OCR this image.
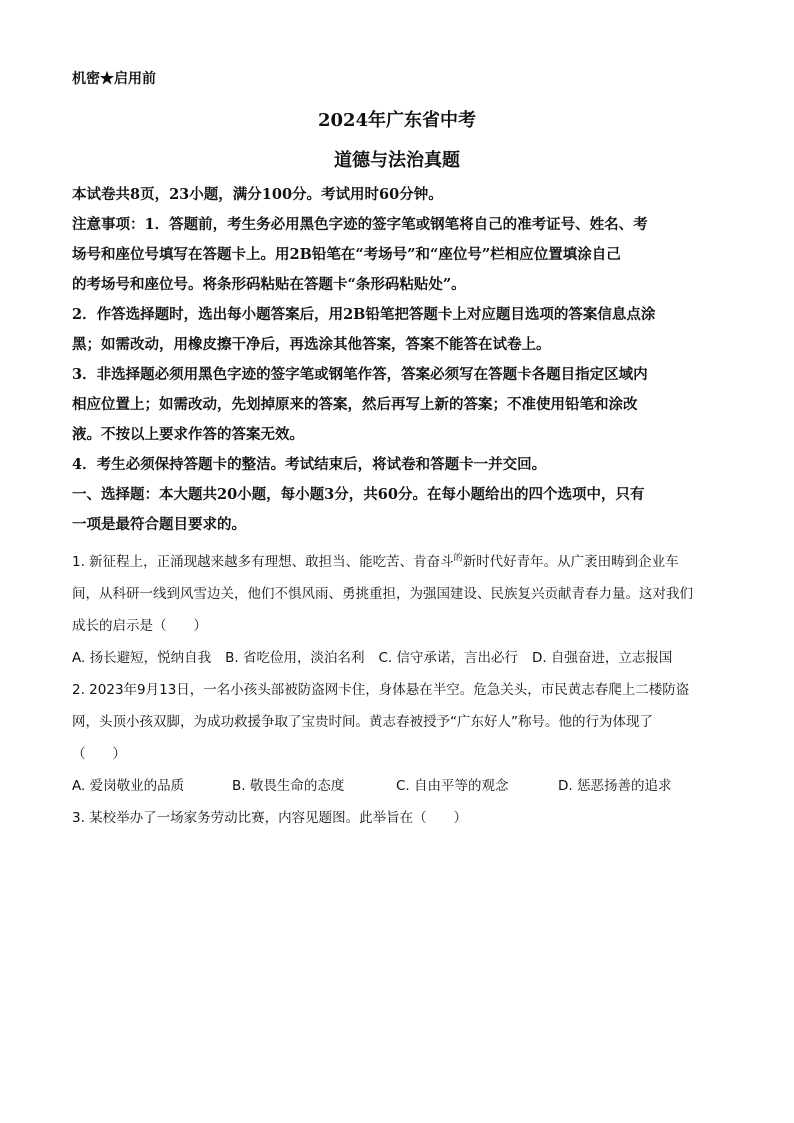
机密★启用前
2024年广东省中考
道德与法治真题

本试卷共8页，23小题，满分100分。考试用时60分钟。

注意事项：1．答题前，考生务必用黑色字迹的签字笔或钢笔将自己的准考证号、姓名、考

场号和座位号填写在答题卡上。用2B铅笔在“考场号”和“座位号”栏相应位置填涂自己

的考场号和座位号。将条形码粘贴在答题卡“条形码粘贴处”。

2．作答选择题时，选出每小题答案后，用2B铅笔把答题卡上对应题目选项的答案信息点涂

黑；如需改动，用橡皮擦干净后，再选涂其他答案，答案不能答在试卷上。

3．非选择题必须用黑色字迹的签字笔或钢笔作答，答案必须写在答题卡各题目指定区域内

相应位置上；如需改动，先划掉原来的答案，然后再写上新的答案；不准使用铅笔和涂改

液。不按以上要求作答的答案无效。

4．考生必须保持答题卡的整洁。考试结束后，将试卷和答题卡一并交回。

一、选择题：本大题共20小题，每小题3分，共60分。在每小题给出的四个选项中，只有

一项是最符合题目要求的。

1. 新征程上，正涌现越来越多有理想、敢担当、能吃苦、肯奋斗$^的$新时代好青年。从广袤田畴到企业车

间，从科研一线到风雪边关，他们不惧风雨、勇挑重担，为强国建设、民族复兴贡献青春力量。这对我们

成长的启示是（　　）

A. 扬长避短，悦纳自我 B. 省吃俭用，淡泊名利 C. 信守承诺，言出必行 D. 自强奋进，立志报国

2. 2023年9月13日，一名小孩头部被防盗网卡住，身体悬在半空。危急关头，市民黄志春爬上二楼防盗

网，头顶小孩双脚，为成功救援争取了宝贵时间。黄志春被授予“广东好人”称号。他的行为体现了

（　　）

A. 爱岗敬业的品质	B. 敬畏生命的态度	C. 自由平等的观念	D. 惩恶扬善的追求

3. 某校举办了一场家务劳动比赛，内容见题图。此举旨在（　　）
